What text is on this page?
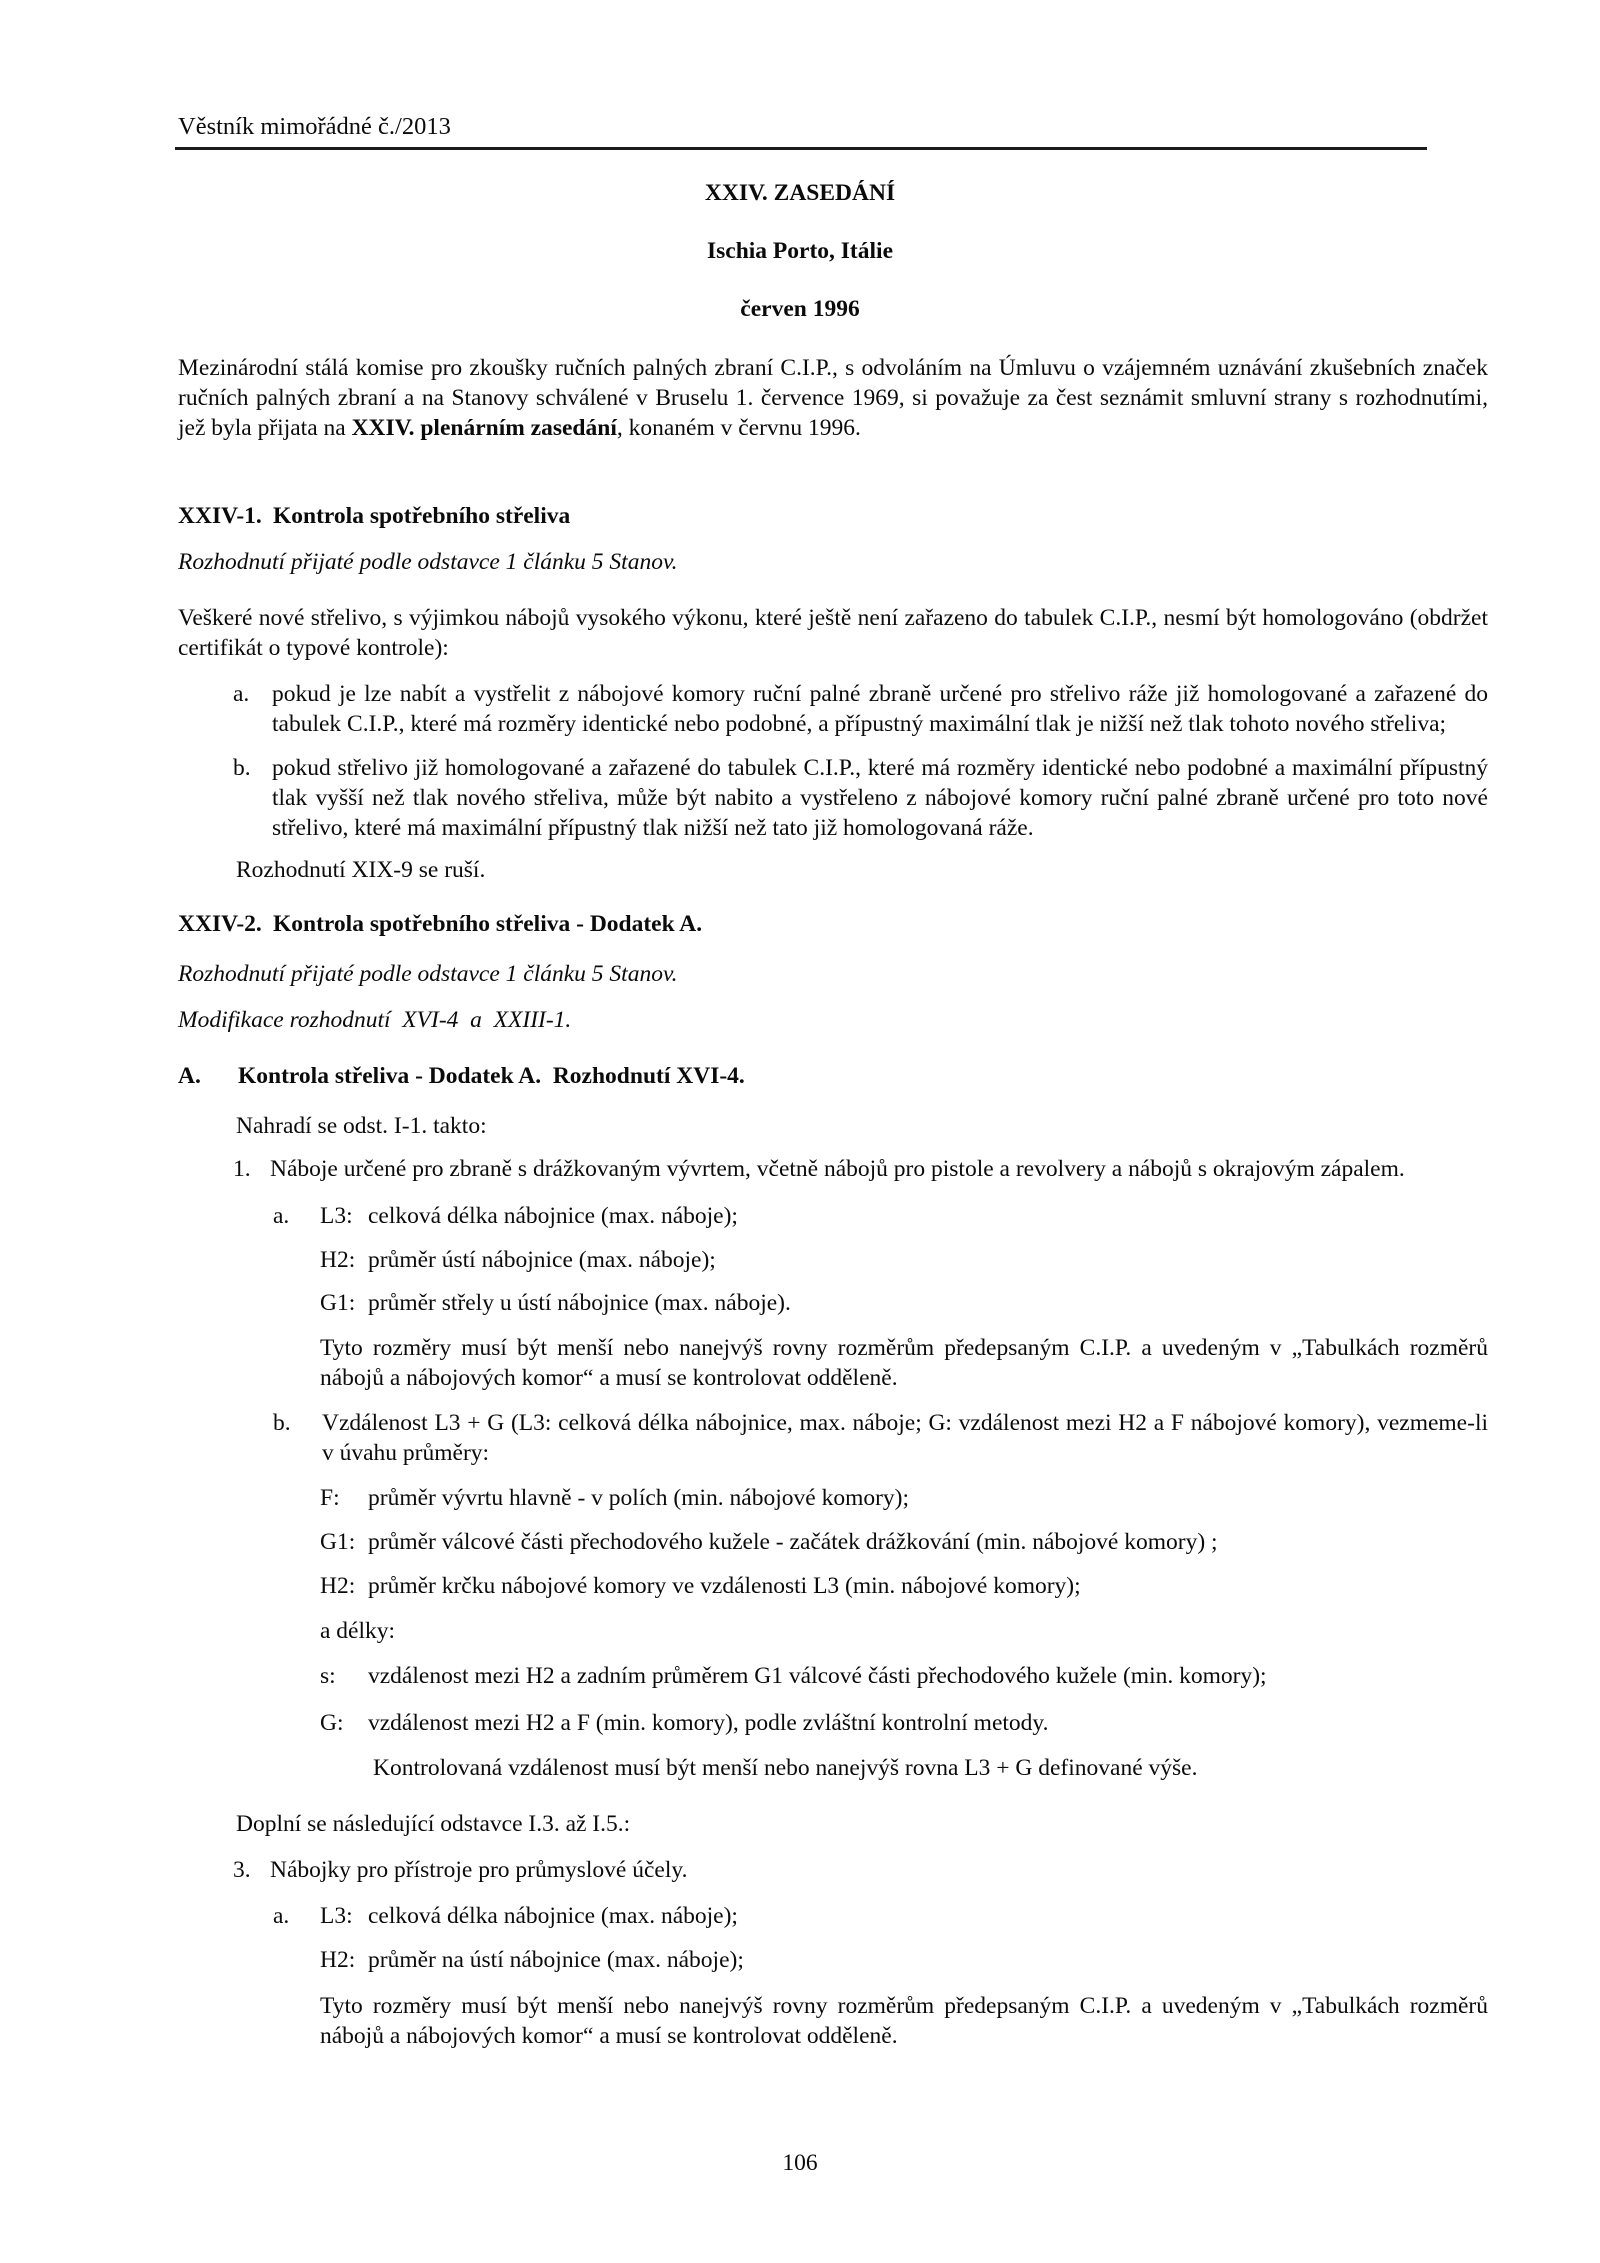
Věstník mimořádné č./2013
XXIV. ZASEDÁNÍ
Ischia Porto, Itálie
červen 1996

Mezinárodní stálá komise pro zkoušky ručních palných zbraní C.I.P., s odvoláním na Úmluvu o vzájemném uznávání zkušebních značek ručních palných zbraní a na Stanovy schválené v Bruselu 1. července 1969, si považuje za čest seznámit smluvní strany s rozhodnutími, jež byla přijata na XXIV. plenárním zasedání, konaném v červnu 1996.

XXIV-1. Kontrola spotřebního střeliva
Rozhodnutí přijaté podle odstavce 1 článku 5 Stanov.

Veškeré nové střelivo, s výjimkou nábojů vysokého výkonu, které ještě není zařazeno do tabulek C.I.P., nesmí být homologováno (obdržet certifikát o typové kontrole):

a. pokud je lze nabít a vystřelit z nábojové komory ruční palné zbraně určené pro střelivo ráže již homologované a zařazené do tabulek C.I.P., které má rozměry identické nebo podobné, a přípustný maximální tlak je nižší než tlak tohoto nového střeliva;
b. pokud střelivo již homologované a zařazené do tabulek C.I.P., které má rozměry identické nebo podobné a maximální přípustný tlak vyšší než tlak nového střeliva, může být nabito a vystřeleno z nábojové komory ruční palné zbraně určené pro toto nové střelivo, které má maximální přípustný tlak nižší než tato již homologovaná ráže.
Rozhodnutí XIX-9 se ruší.
XXIV-2. Kontrola spotřebního střeliva - Dodatek A.
Rozhodnutí přijaté podle odstavce 1 článku 5 Stanov.
Modifikace rozhodnutí  XVI-4  a  XXIII-1.
A.	Kontrola střeliva - Dodatek A.  Rozhodnutí XVI-4.
Nahradí se odst. I-1. takto:
1. Náboje určené pro zbraně s drážkovaným vývrtem, včetně nábojů pro pistole a revolvery a nábojů s okrajovým zápalem.
a.	L3: celková délka nábojnice (max. náboje);
H2: průměr ústí nábojnice (max. náboje);
G1: průměr střely u ústí nábojnice (max. náboje).
Tyto rozměry musí být menší nebo nanejvýš rovny rozměrům předepsaným C.I.P. a uvedeným v „Tabulkách rozměrů nábojů a nábojových komor“ a musí se kontrolovat odděleně.
b.	Vzdálenost L3 + G (L3: celková délka nábojnice, max. náboje; G: vzdálenost mezi H2 a F nábojové komory), vezmeme-li v úvahu průměry:
F:	průměr vývrtu hlavně - v polích (min. nábojové komory);
G1: průměr válcové části přechodového kužele - začátek drážkování (min. nábojové komory) ;
H2: průměr krčku nábojové komory ve vzdálenosti L3 (min. nábojové komory);
a délky:
s:	vzdálenost mezi H2 a zadním průměrem G1 válcové části přechodového kužele (min. komory);
G:	vzdálenost mezi H2 a F (min. komory), podle zvláštní kontrolní metody.
Kontrolovaná vzdálenost musí být menší nebo nanejvýš rovna L3 + G definované výše.
Doplní se následující odstavce I.3. až I.5.:
3. Nábojky pro přístroje pro průmyslové účely.
a.	L3: celková délka nábojnice (max. náboje);
H2: průměr na ústí nábojnice (max. náboje);
Tyto rozměry musí být menší nebo nanejvýš rovny rozměrům předepsaným C.I.P. a uvedeným v „Tabulkách rozměrů nábojů a nábojových komor“ a musí se kontrolovat odděleně.
106
